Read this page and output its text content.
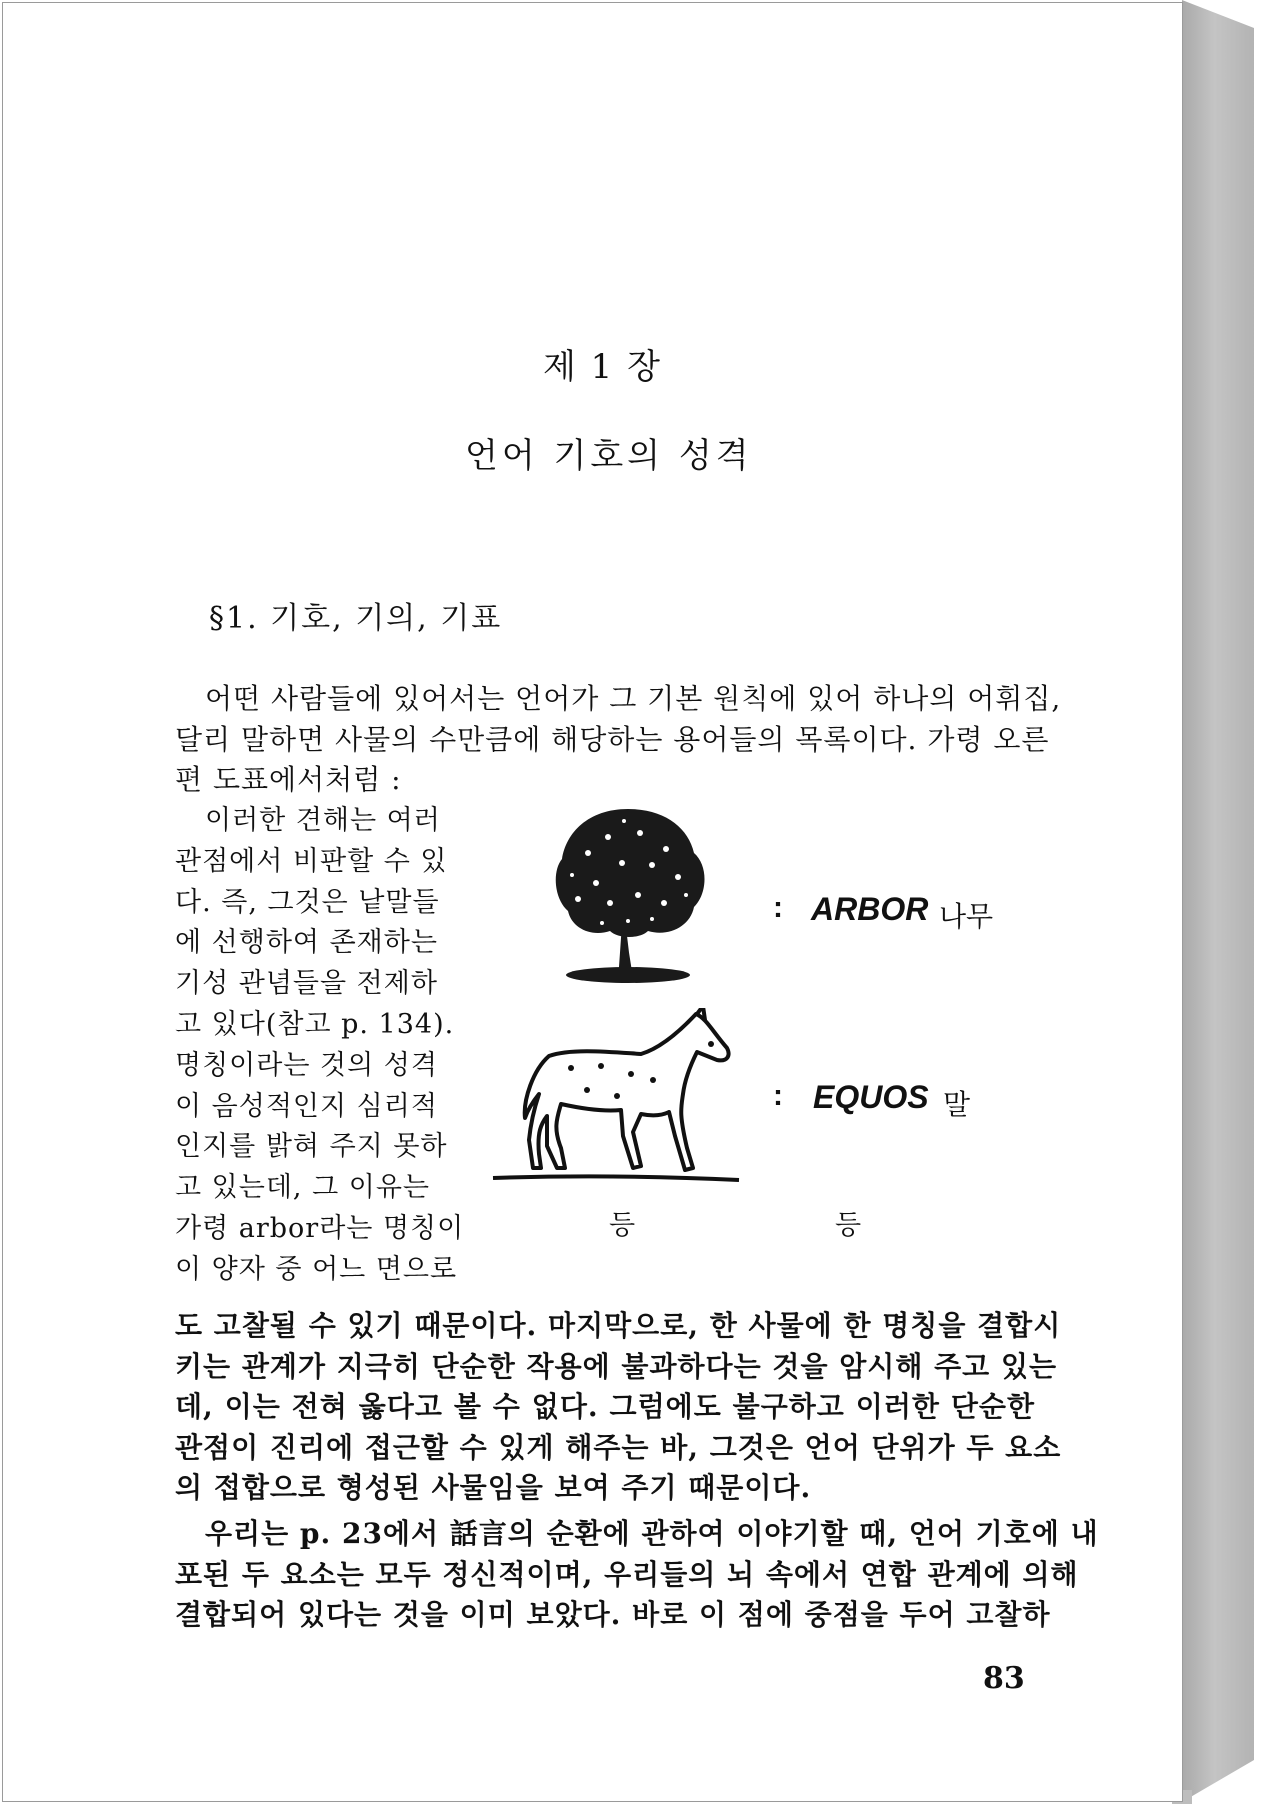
제 1 장
언어 기호의 성격
§1. 기호, 기의, 기표
어떤 사람들에 있어서는 언어가 그 기본 원칙에 있어 하나의 어휘집,
달리 말하면 사물의 수만큼에 해당하는 용어들의 목록이다. 가령 오른
편 도표에서처럼 :
이러한 견해는 여러
관점에서 비판할 수 있
다. 즉, 그것은 낱말들
에 선행하여 존재하는
기성 관념들을 전제하
고 있다(참고 p. 134).
명칭이라는 것의 성격
이 음성적인지 심리적
인지를 밝혀 주지 못하
고 있는데, 그 이유는
가령 arbor라는 명칭이
이 양자 중 어느 면으로
: ARBOR 나무
: EQUOS 말
등	등
도 고찰될 수 있기 때문이다. 마지막으로, 한 사물에 한 명칭을 결합시
키는 관계가 지극히 단순한 작용에 불과하다는 것을 암시해 주고 있는
데, 이는 전혀 옳다고 볼 수 없다. 그럼에도 불구하고 이러한 단순한
관점이 진리에 접근할 수 있게 해주는 바, 그것은 언어 단위가 두 요소
의 접합으로 형성된 사물임을 보여 주기 때문이다.
우리는 p. 23에서 話言의 순환에 관하여 이야기할 때, 언어 기호에 내
포된 두 요소는 모두 정신적이며, 우리들의 뇌 속에서 연합 관계에 의해
결합되어 있다는 것을 이미 보았다. 바로 이 점에 중점을 두어 고찰하
83
